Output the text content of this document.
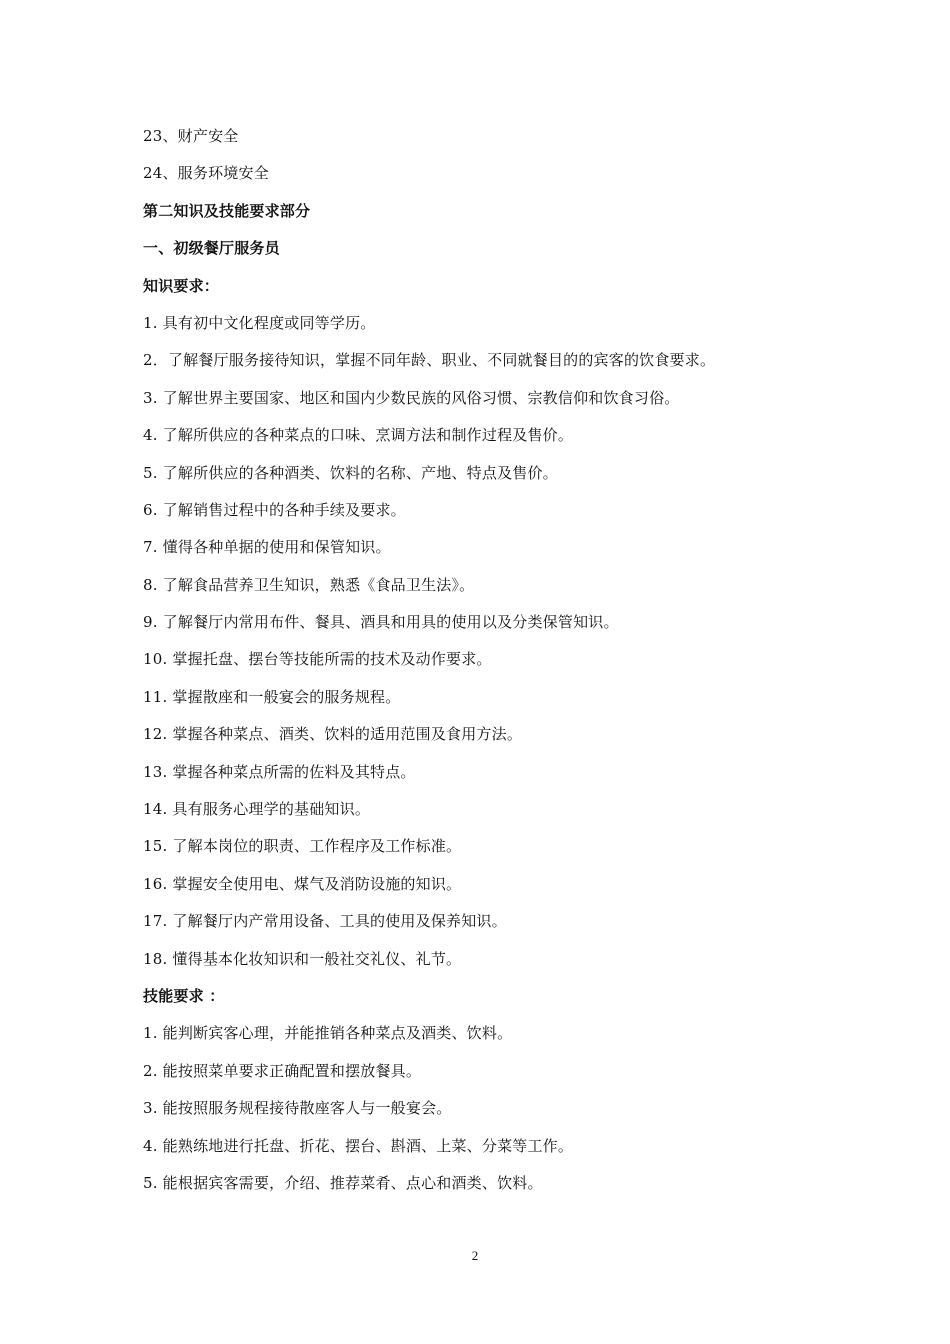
23、财产安全
24、服务环境安全
第二知识及技能要求部分
一、初级餐厅服务员
知识要求：
1. 具有初中文化程度或同等学历。
2．了解餐厅服务接待知识，掌握不同年龄、职业、不同就餐目的的宾客的饮食要求。
3. 了解世界主要国家、地区和国内少数民族的风俗习惯、宗教信仰和饮食习俗。
4. 了解所供应的各种菜点的口味、烹调方法和制作过程及售价。
5. 了解所供应的各种酒类、饮料的名称、产地、特点及售价。
6. 了解销售过程中的各种手续及要求。
7. 懂得各种单据的使用和保管知识。
8. 了解食品营养卫生知识，熟悉《食品卫生法》。
9. 了解餐厅内常用布件、餐具、酒具和用具的使用以及分类保管知识。
10. 掌握托盘、摆台等技能所需的技术及动作要求。
11. 掌握散座和一般宴会的服务规程。
12. 掌握各种菜点、酒类、饮料的适用范围及食用方法。
13. 掌握各种菜点所需的佐料及其特点。
14. 具有服务心理学的基础知识。
15. 了解本岗位的职责、工作程序及工作标准。
16. 掌握安全使用电、煤气及消防设施的知识。
17. 了解餐厅内产常用设备、工具的使用及保养知识。
18. 懂得基本化妆知识和一般社交礼仪、礼节。
技能要求 ：
1. 能判断宾客心理，并能推销各种菜点及酒类、饮料。
2. 能按照菜单要求正确配置和摆放餐具。
3. 能按照服务规程接待散座客人与一般宴会。
4. 能熟练地进行托盘、折花、摆台、斟酒、上菜、分菜等工作。
5. 能根据宾客需要，介绍、推荐菜肴、点心和酒类、饮料。
2
